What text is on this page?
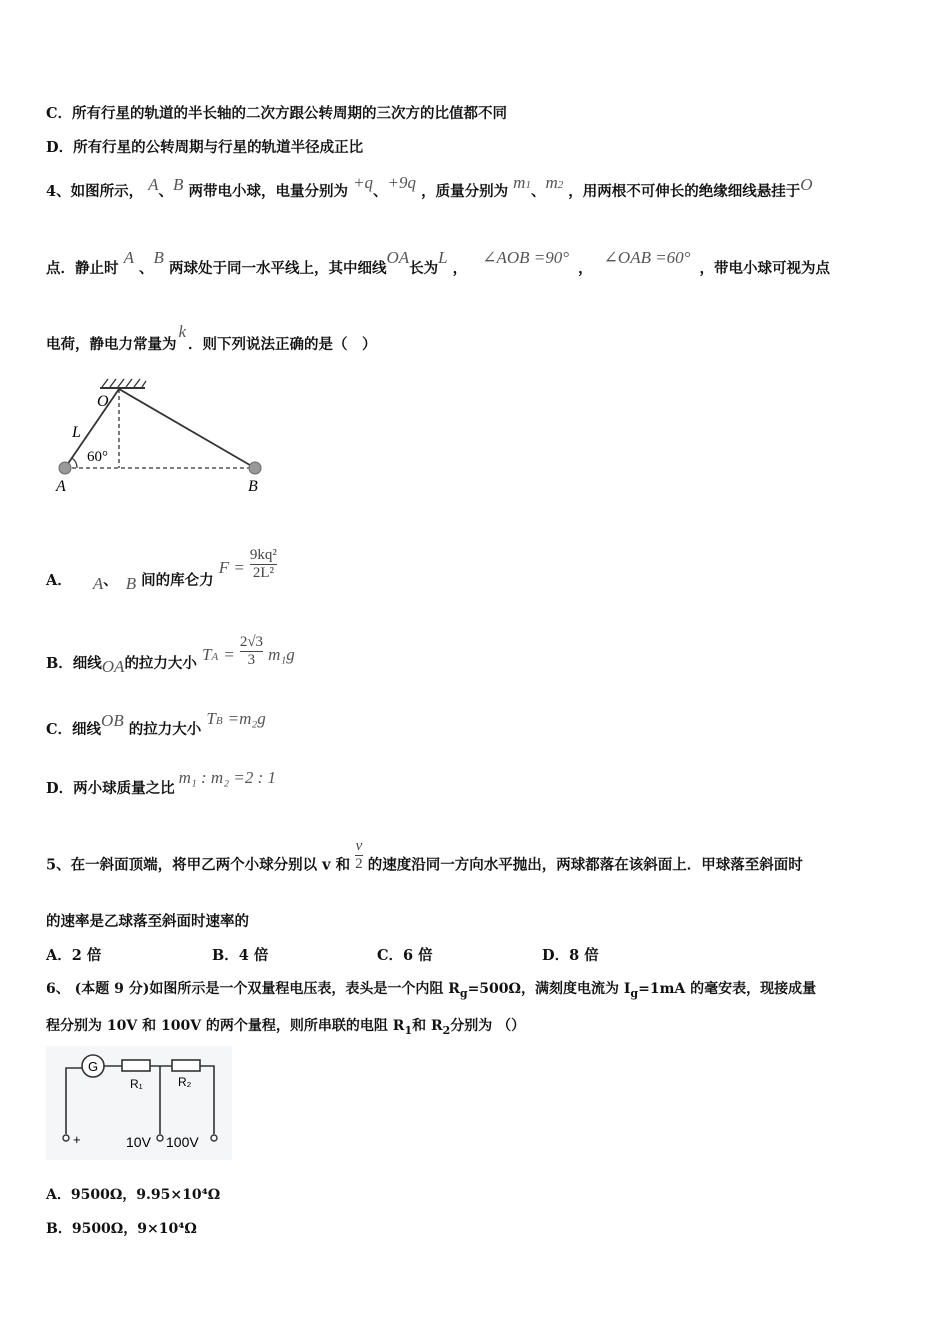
C．所有行星的轨道的半长轴的二次方跟公转周期的三次方的比值都不同
D．所有行星的公转周期与行星的轨道半径成正比
4、如图所示， A、B 两带电小球，电量分别为 +q、+9q ，质量分别为 m1、m2 ，用两根不可伸长的绝缘细线悬挂于O
点．静止时 A 、B 两球处于同一水平线上，其中细线OA长为L ， ∠AOB =90° ， ∠OAB =60° ，带电小球可视为点
电荷，静电力常量为k．则下列说法正确的是（　）
O
L
60°
A	B
A． A、 B 间的库仑力 $F = \frac{\text{9kq²}}{\text{2L²}}$
B．细线OA的拉力大小 TA = $\frac{2√3}{3} m_1g$
C．细线OB 的拉力大小 TB =m₂g
D．两小球质量之比m₁ : m₂ =2 : 1
5、在一斜面顶端，将甲乙两个小球分别以 v 和 $\frac{v}{2}$ 的速度沿同一方向水平抛出，两球都落在该斜面上．甲球落至斜面时
的速率是乙球落至斜面时速率的
A．2 倍	B．4 倍	C．6 倍	D．8 倍
6、 (本题 9 分)如图所示是一个双量程电压表，表头是一个内阻 $R_g=500\Omega$，满刻度电流为 $I_g=1mA$ 的毫安表，现接成量
程分别为 10V 和 100V 的两个量程，则所串联的电阻 $R_1$和 $R_2$分别为 （）
G
R₁	R₂
+	10V 100V
A．9500Ω，9.95×10⁴Ω
B．9500Ω，9×10⁴Ω
